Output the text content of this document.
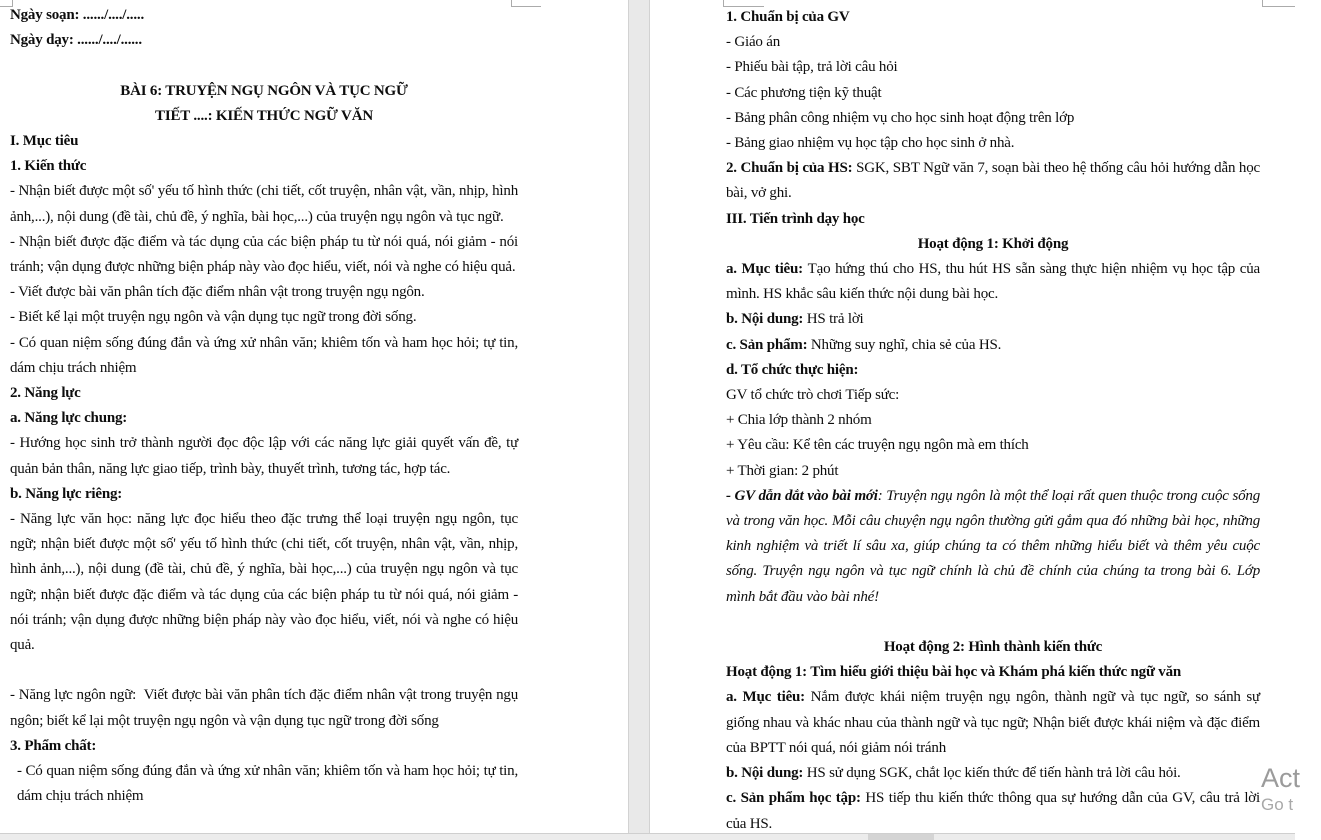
Ngày soạn: ....../..../.....

Ngày dạy: ....../..../......

BÀI 6: TRUYỆN NGỤ NGÔN VÀ TỤC NGỮ

TIẾT ....: KIẾN THỨC NGỮ VĂN

I. Mục tiêu

1. Kiến thức

- Nhận biết được một số' yếu tố hình thức (chi tiết, cốt truyện, nhân vật, vần, nhịp, hình ảnh,...), nội dung (đề tài, chủ đề, ý nghĩa, bài học,...) của truyện ngụ ngôn và tục ngữ.

- Nhận biết được đặc điểm và tác dụng của các biện pháp tu từ nói quá, nói giảm - nói tránh; vận dụng được những biện pháp này vào đọc hiểu, viết, nói và nghe có hiệu quả.

- Viết được bài văn phân tích đặc điểm nhân vật trong truyện ngụ ngôn.

- Biết kể lại một truyện ngụ ngôn và vận dụng tục ngữ trong đời sống.

- Có quan niệm sống đúng đắn và ứng xử nhân văn; khiêm tốn và ham học hỏi; tự tin, dám chịu trách nhiệm

2. Năng lực

a. Năng lực chung:

- Hướng học sinh trở thành người đọc độc lập với các năng lực giải quyết vấn đề, tự quản bản thân, năng lực giao tiếp, trình bày, thuyết trình, tương tác, hợp tác.

b. Năng lực riêng:

- Năng lực văn học: năng lực đọc hiểu theo đặc trưng thể loại truyện ngụ ngôn, tục ngữ; nhận biết được một số' yếu tố hình thức (chi tiết, cốt truyện, nhân vật, vần, nhịp, hình ảnh,...), nội dung (đề tài, chủ đề, ý nghĩa, bài học,...) của truyện ngụ ngôn và tục ngữ; nhận biết được đặc điểm và tác dụng của các biện pháp tu từ nói quá, nói giảm - nói tránh; vận dụng được những biện pháp này vào đọc hiểu, viết, nói và nghe có hiệu quả.

- Năng lực ngôn ngữ:  Viết được bài văn phân tích đặc điểm nhân vật trong truyện ngụ ngôn; biết kể lại một truyện ngụ ngôn và vận dụng tục ngữ trong đời sống

3. Phẩm chất:

- Có quan niệm sống đúng đắn và ứng xử nhân văn; khiêm tốn và ham học hỏi; tự tin, dám chịu trách nhiệm

1. Chuẩn bị của GV

- Giáo án

- Phiếu bài tập, trả lời câu hỏi

- Các phương tiện kỹ thuật

- Bảng phân công nhiệm vụ cho học sinh hoạt động trên lớp

- Bảng giao nhiệm vụ học tập cho học sinh ở nhà.

2. Chuẩn bị của HS: SGK, SBT Ngữ văn 7, soạn bài theo hệ thống câu hỏi hướng dẫn học bài, vở ghi.

III. Tiến trình dạy học

Hoạt động 1: Khởi động

a. Mục tiêu: Tạo hứng thú cho HS, thu hút HS sẵn sàng thực hiện nhiệm vụ học tập của mình. HS khắc sâu kiến thức nội dung bài học.

b. Nội dung: HS trả lời

c. Sản phẩm: Những suy nghĩ, chia sẻ của HS.

d. Tổ chức thực hiện:

GV tổ chức trò chơi Tiếp sức:

+ Chia lớp thành 2 nhóm

+ Yêu cầu: Kể tên các truyện ngụ ngôn mà em thích

+ Thời gian: 2 phút

- GV dẫn dắt vào bài mới: Truyện ngụ ngôn là một thể loại rất quen thuộc trong cuộc sống và trong văn học. Mỗi câu chuyện ngụ ngôn thường gửi gắm qua đó những bài học, những kinh nghiệm và triết lí sâu xa, giúp chúng ta có thêm những hiểu biết và thêm yêu cuộc sống. Truyện ngụ ngôn và tục ngữ chính là chủ đề chính của chúng ta trong bài 6. Lớp mình bắt đầu vào bài nhé!

Hoạt động 2: Hình thành kiến thức

Hoạt động 1: Tìm hiểu giới thiệu bài học và Khám phá kiến thức ngữ văn

a. Mục tiêu: Nắm được khái niệm truyện ngụ ngôn, thành ngữ và tục ngữ, so sánh sự giống nhau và khác nhau của thành ngữ và tục ngữ; Nhận biết được khái niệm và đặc điểm của BPTT nói quá, nói giảm nói tránh

b. Nội dung: HS sử dụng SGK, chắt lọc kiến thức để tiến hành trả lời câu hỏi.

c. Sản phẩm học tập: HS tiếp thu kiến thức thông qua sự hướng dẫn của GV, câu trả lời của HS.

Act
Go t
